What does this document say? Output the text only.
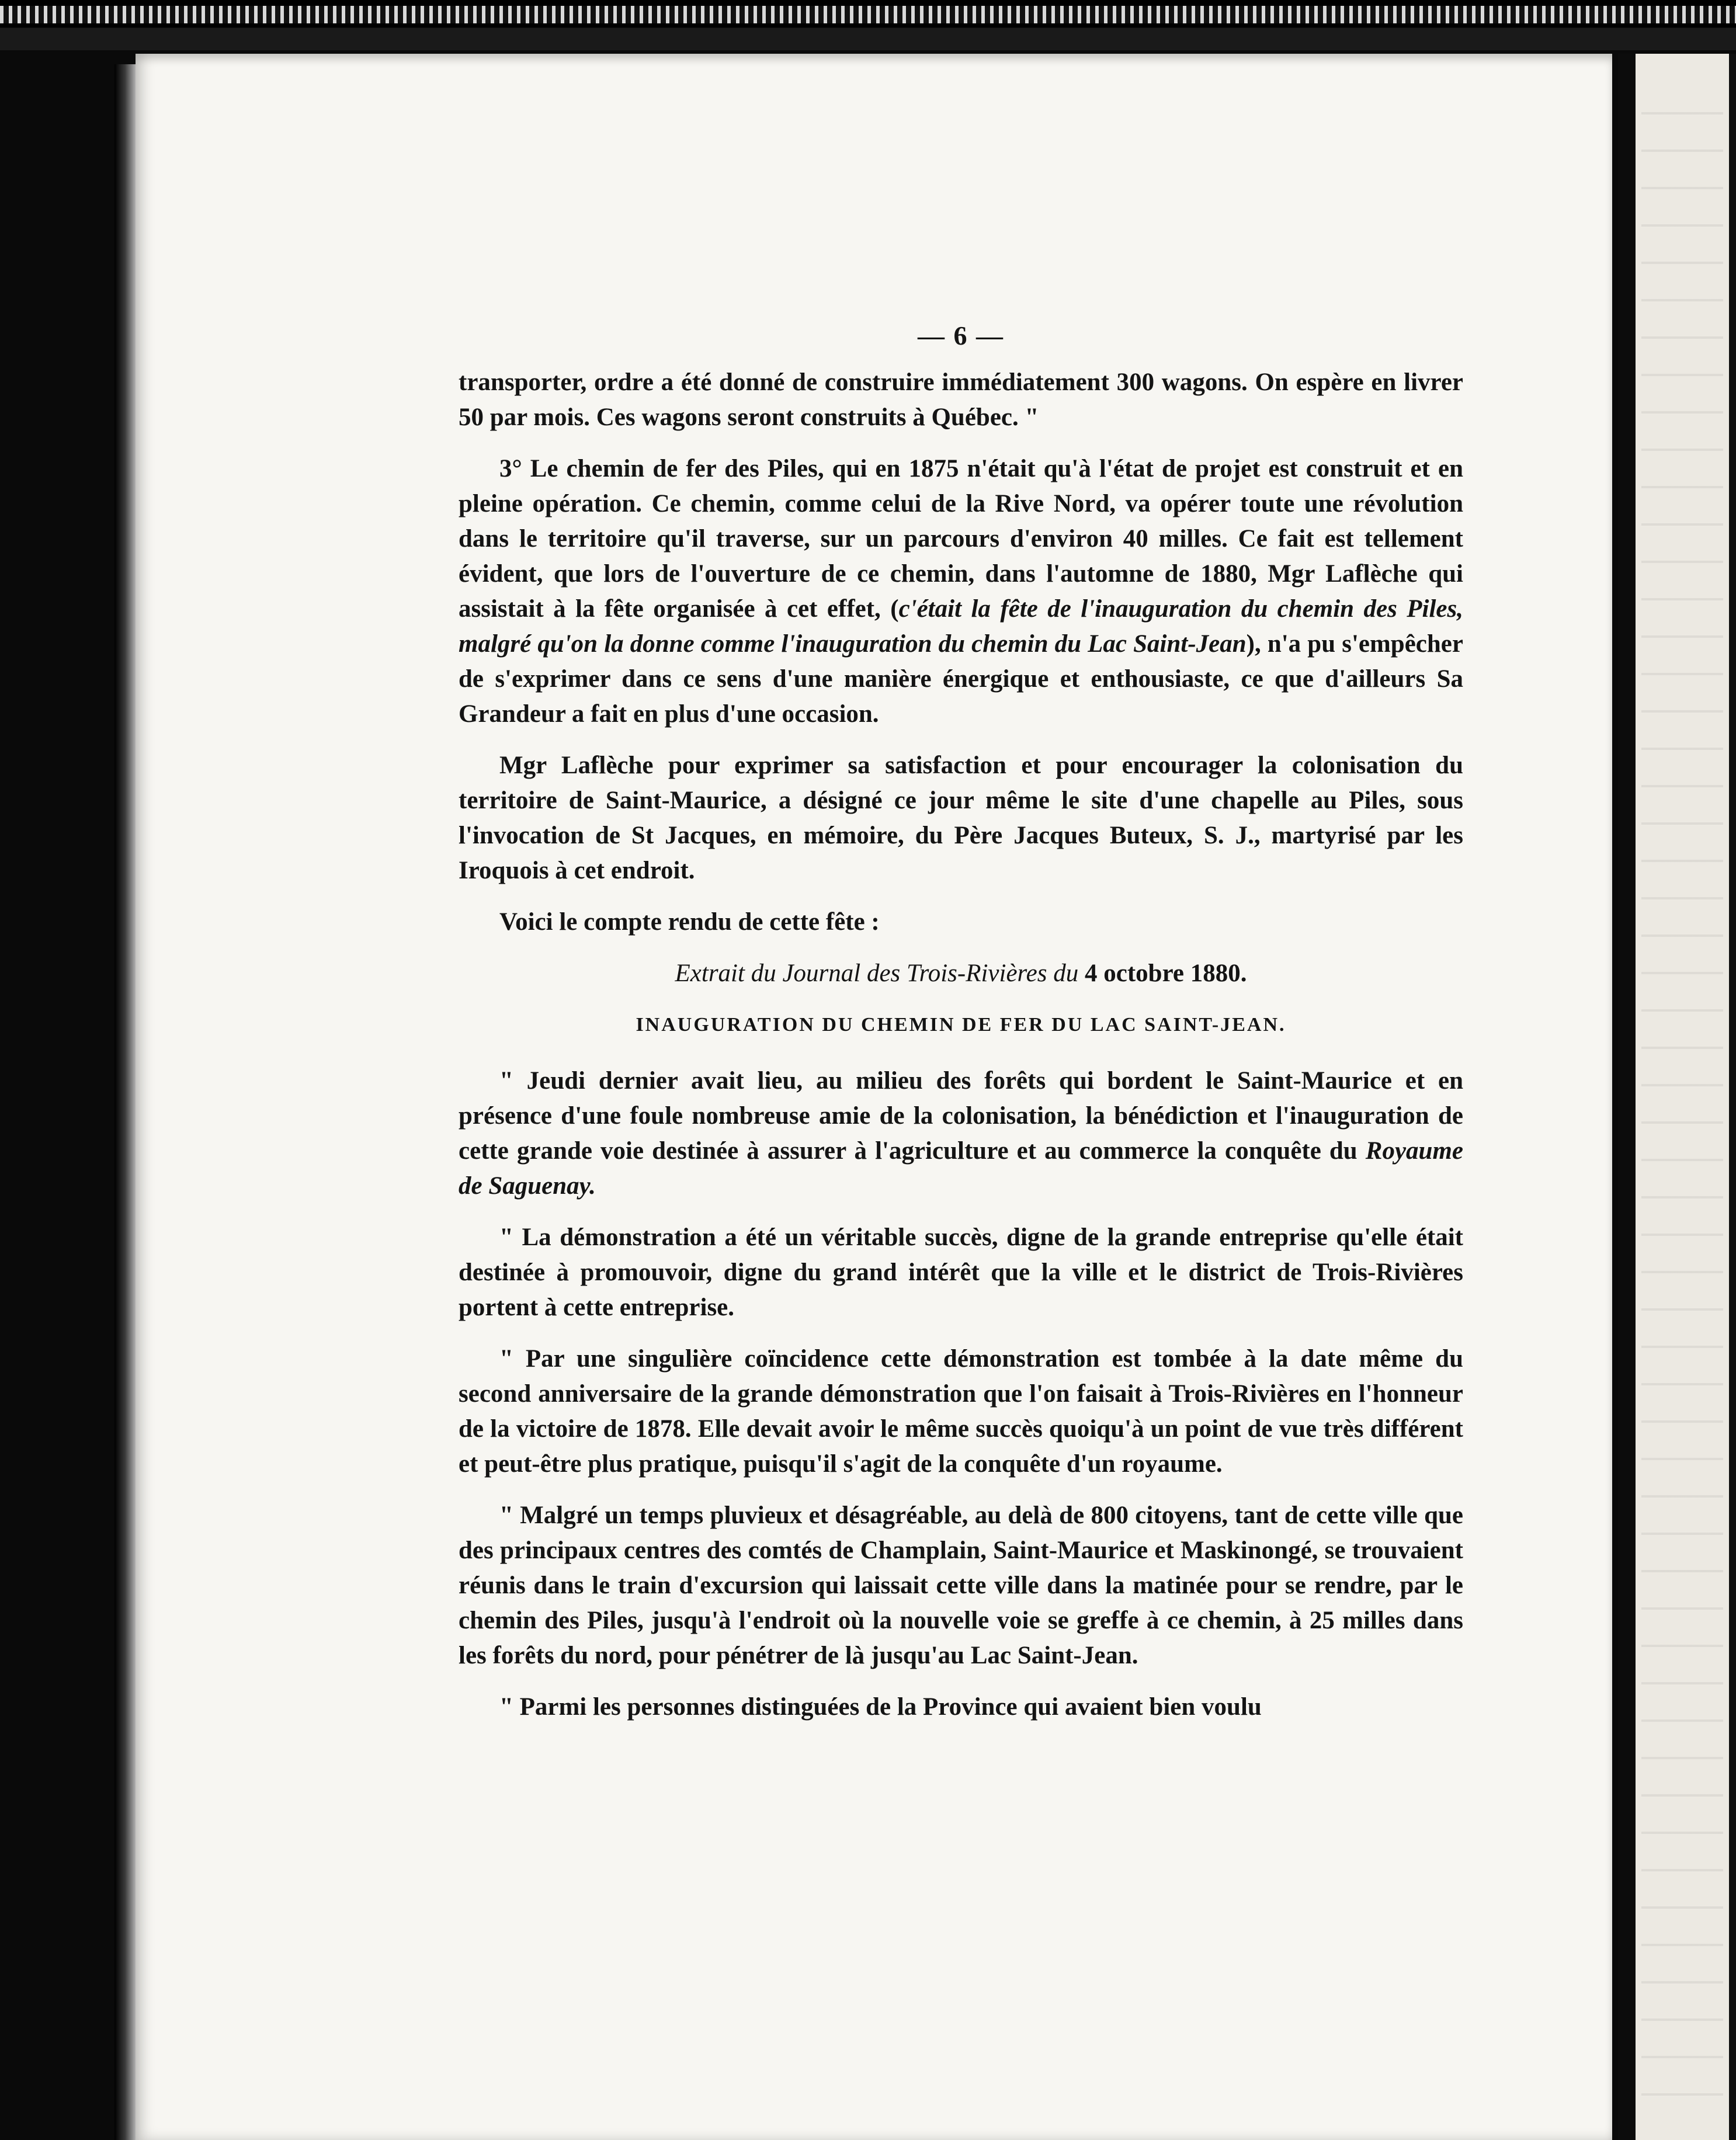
— 6 —

transporter, ordre a été donné de construire immédiatement 300 wagons. On espère en livrer 50 par mois. Ces wagons seront construits à Québec. "

3° Le chemin de fer des Piles, qui en 1875 n'était qu'à l'état de projet est construit et en pleine opération. Ce chemin, comme celui de la Rive Nord, va opérer toute une révolution dans le territoire qu'il traverse, sur un parcours d'environ 40 milles. Ce fait est tellement évident, que lors de l'ouverture de ce chemin, dans l'automne de 1880, Mgr Laflèche qui assistait à la fête organisée à cet effet, (c'était la fête de l'inauguration du chemin des Piles, malgré qu'on la donne comme l'inauguration du chemin du Lac Saint-Jean), n'a pu s'empêcher de s'exprimer dans ce sens d'une manière énergique et enthousiaste, ce que d'ailleurs Sa Grandeur a fait en plus d'une occasion.

Mgr Laflèche pour exprimer sa satisfaction et pour encourager la colonisation du territoire de Saint-Maurice, a désigné ce jour même le site d'une chapelle au Piles, sous l'invocation de St Jacques, en mémoire, du Père Jacques Buteux, S. J., martyrisé par les Iroquois à cet endroit.

Voici le compte rendu de cette fête :

Extrait du Journal des Trois-Rivières du 4 octobre 1880.
INAUGURATION DU CHEMIN DE FER DU LAC SAINT-JEAN.

" Jeudi dernier avait lieu, au milieu des forêts qui bordent le Saint-Maurice et en présence d'une foule nombreuse amie de la colonisation, la bénédiction et l'inauguration de cette grande voie destinée à assurer à l'agriculture et au commerce la conquête du Royaume de Saguenay.

" La démonstration a été un véritable succès, digne de la grande entreprise qu'elle était destinée à promouvoir, digne du grand intérêt que la ville et le district de Trois-Rivières portent à cette entreprise.

" Par une singulière coïncidence cette démonstration est tombée à la date même du second anniversaire de la grande démonstration que l'on faisait à Trois-Rivières en l'honneur de la victoire de 1878. Elle devait avoir le même succès quoiqu'à un point de vue très différent et peut-être plus pratique, puisqu'il s'agit de la conquête d'un royaume.

" Malgré un temps pluvieux et désagréable, au delà de 800 citoyens, tant de cette ville que des principaux centres des comtés de Champlain, Saint-Maurice et Maskinongé, se trouvaient réunis dans le train d'excursion qui laissait cette ville dans la matinée pour se rendre, par le chemin des Piles, jusqu'à l'endroit où la nouvelle voie se greffe à ce chemin, à 25 milles dans les forêts du nord, pour pénétrer de là jusqu'au Lac Saint-Jean.

" Parmi les personnes distinguées de la Province qui avaient bien voulu
